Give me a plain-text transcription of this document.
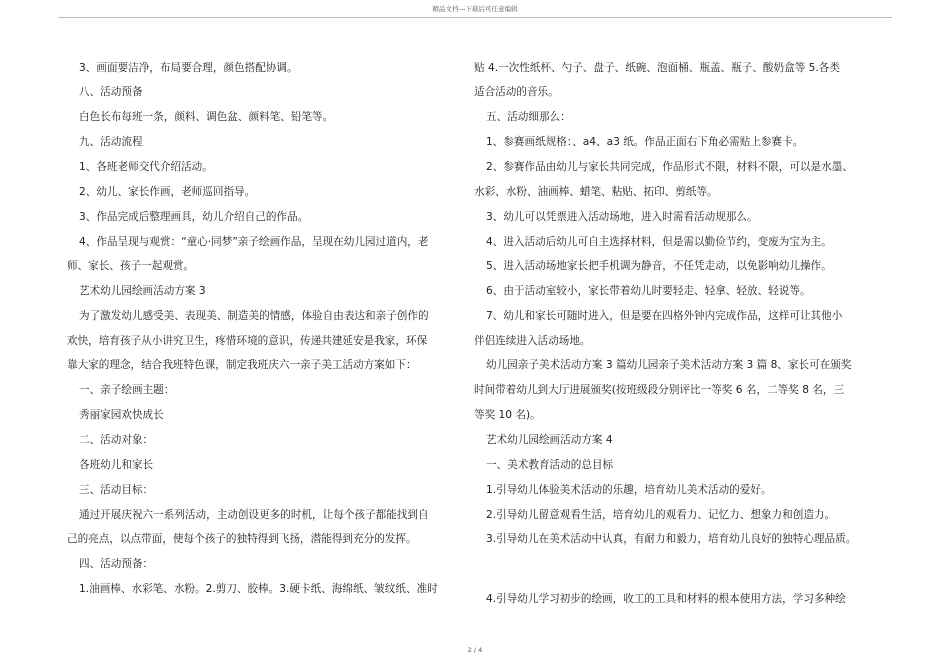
精品文档---下载后可任意编辑
3、画面要洁净，布局要合理，颜色搭配协调。
八、活动预备
白色长布每班一条，颜料、调色盆、颜料笔、铅笔等。
九、活动流程
1、各班老师交代介绍活动。
2、幼儿、家长作画，老师巡回指导。
3、作品完成后整理画具，幼儿介绍自己的作品。
4、作品呈现与观赏：“童心·同梦”亲子绘画作品，呈现在幼儿园过道内，老
师、家长、孩子一起观赏。
艺术幼儿园绘画活动方案 3
为了激发幼儿感受美、表现美、制造美的情感，体验自由表达和亲子创作的
欢快，培育孩子从小讲究卫生，疼惜环境的意识，传递共建延安是我家，环保
靠大家的理念，结合我班特色课，制定我班庆六一亲子美工活动方案如下：
一、亲子绘画主题：
秀丽家园欢快成长
二、活动对象：
各班幼儿和家长
三、活动目标：
通过开展庆祝六一系列活动，主动创设更多的时机，让每个孩子都能找到自
己的亮点，以点带面，使每个孩子的独特得到飞扬，潜能得到充分的发挥。
四、活动预备：
1.油画棒、水彩笔、水粉。2.剪刀、胶棒。3.硬卡纸、海绵纸、皱纹纸、准时
贴 4.一次性纸杯、勺子、盘子、纸碗、泡面桶、瓶盖、瓶子、酸奶盒等 5.各类
适合活动的音乐。
五、活动细那么：
1、参赛画纸规格：、a4、a3 纸。作品正面右下角必需贴上参赛卡。
2、参赛作品由幼儿与家长共同完成，作品形式不限，材料不限，可以是水墨、
水彩、水粉、油画棒、蜡笔、粘贴、拓印、剪纸等。
3、幼儿可以凭票进入活动场地，进入时需看活动规那么。
4、进入活动后幼儿可自主选择材料，但是需以勤俭节约，变废为宝为主。
5、进入活动场地家长把手机调为静音，不任凭走动，以免影响幼儿操作。
6、由于活动室较小，家长带着幼儿时要轻走、轻拿、轻放、轻说等。
7、幼儿和家长可随时进入，但是要在四格外钟内完成作品，这样可让其他小
伴侣连续进入活动场地。
幼儿园亲子美术活动方案 3 篇幼儿园亲子美术活动方案 3 篇 8、家长可在颁奖
时间带着幼儿到大厅进展颁奖(按班级段分别评比一等奖 6 名，二等奖 8 名，三
等奖 10 名)。
艺术幼儿园绘画活动方案 4
一、美术教育活动的总目标
1.引导幼儿体验美术活动的乐趣，培育幼儿美术活动的爱好。
2.引导幼儿留意观看生活，培育幼儿的观看力、记忆力、想象力和创造力。
3.引导幼儿在美术活动中认真，有耐力和毅力，培育幼儿良好的独特心理品质。
4.引导幼儿学习初步的绘画，收工的工具和材料的根本使用方法，学习多种绘
2 / 4
